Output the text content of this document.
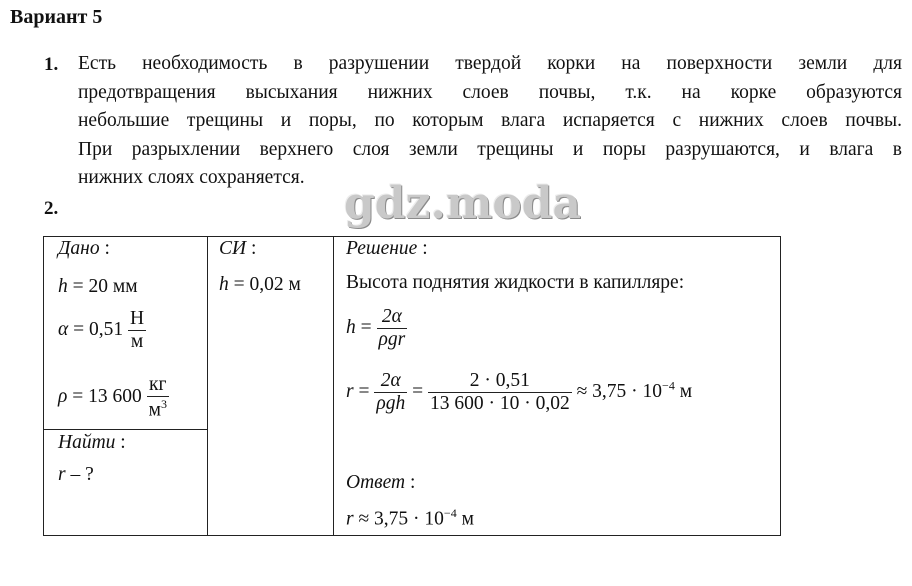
Вариант 5
1. Есть необходимость в разрушении твердой корки на поверхности земли для
предотвращения высыхания нижних слоев почвы, т.к. на корке образуются
небольшие трещины и поры, по которым влага испаряется с нижних слоев почвы.
При разрыхлении верхнего слоя земли трещины и поры разрушаются, и влага в
нижних слоях сохраняется.
2.	gdz.moda
Дано :
h = 20 мм
$\alpha = 0,51 \frac{Н}{м}$
ρ = 13 $600 \frac{кг}{м^3}$
Найти :
r – ?
СИ :
h = 0,02 м
Решение :
Высота поднятия жидкости в капилляре:
$h = \frac{2\alpha}{\text{ρgr}}$
$r = \frac{2\alpha}{\text{ρgh}} = \frac{2 \cdot 0,51}{13 600 \cdot 10 \cdot 0,02} \approx 3,75 \cdot 10^{-4}$ м
Ответ :
$r \approx 3,75 \cdot 10^{-4}$ м
